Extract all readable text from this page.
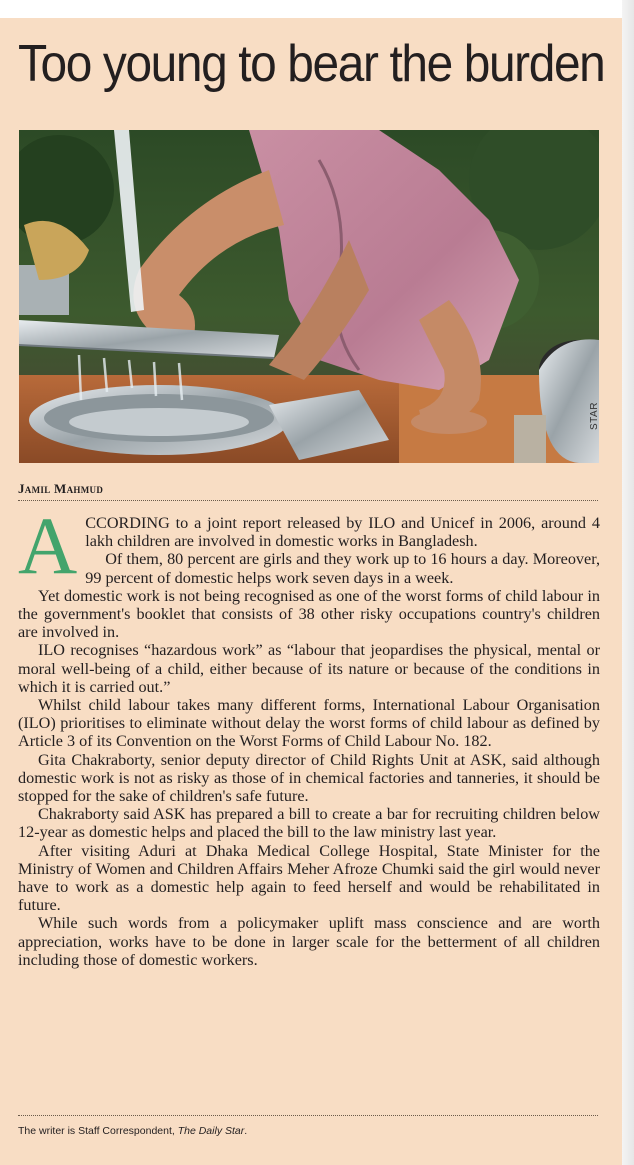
Too young to bear the burden
STAR
Jamil Mahmud

ACCORDING to a joint report released by ILO and Unicef in 2006, around 4 lakh children are involved in domestic works in Bangladesh.

Of them, 80 percent are girls and they work up to 16 hours a day. Moreover, 99 percent of domestic helps work seven days in a week.

Yet domestic work is not being recognised as one of the worst forms of child labour in the government's booklet that consists of 38 other risky occupations country's children are involved in.

ILO recognises “hazardous work” as “labour that jeopardises the physical, mental or moral well-being of a child, either because of its nature or because of the conditions in which it is carried out.”

Whilst child labour takes many different forms, International Labour Organisation (ILO) prioritises to eliminate without delay the worst forms of child labour as defined by Article 3 of its Convention on the Worst Forms of Child Labour No. 182.

Gita Chakraborty, senior deputy director of Child Rights Unit at ASK, said although domestic work is not as risky as those of in chemical factories and tanneries, it should be stopped for the sake of children's safe future.

Chakraborty said ASK has prepared a bill to create a bar for recruiting children below 12-year as domestic helps and placed the bill to the law ministry last year.

After visiting Aduri at Dhaka Medical College Hospital, State Minister for the Ministry of Women and Children Affairs Meher Afroze Chumki said the girl would never have to work as a domestic help again to feed herself and would be rehabilitated in future.

While such words from a policymaker uplift mass conscience and are worth appreciation, works have to be done in larger scale for the betterment of all children including those of domestic workers.

The writer is Staff Correspondent, The Daily Star.
